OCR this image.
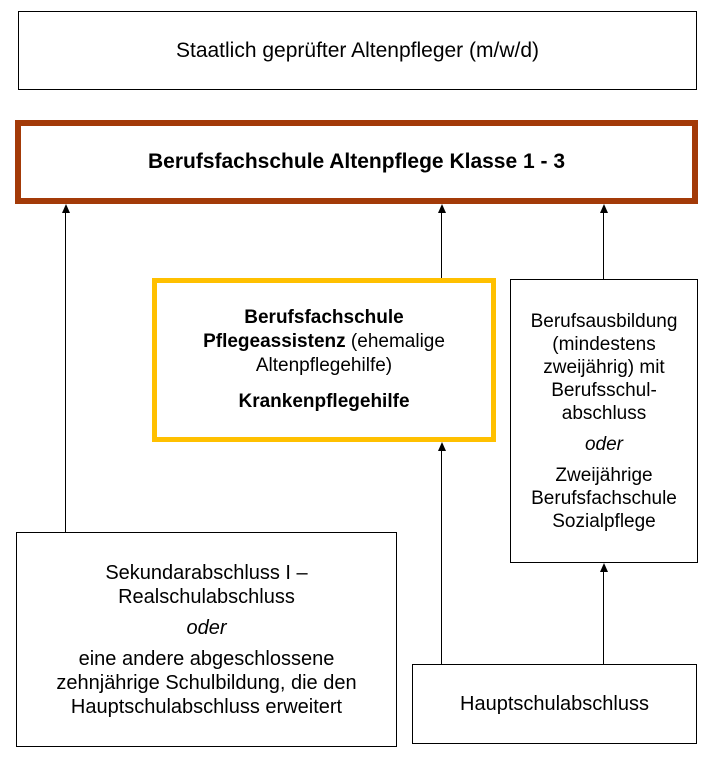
Staatlich geprüfter Altenpfleger (m/w/d)
Berufsfachschule Altenpflege Klasse 1 - 3
Berufsfachschule
Pflegeassistenz (ehemalige
Altenpflegehilfe)
Krankenpflegehilfe
Berufsausbildung
(mindestens
zweijährig) mit
Berufsschul-
abschluss
oder
Zweijährige
Berufsfachschule
Sozialpflege
Sekundarabschluss I –
Realschulabschluss
oder
eine andere abgeschlossene
zehnjährige Schulbildung, die den
Hauptschulabschluss erweitert	Hauptschulabschluss
